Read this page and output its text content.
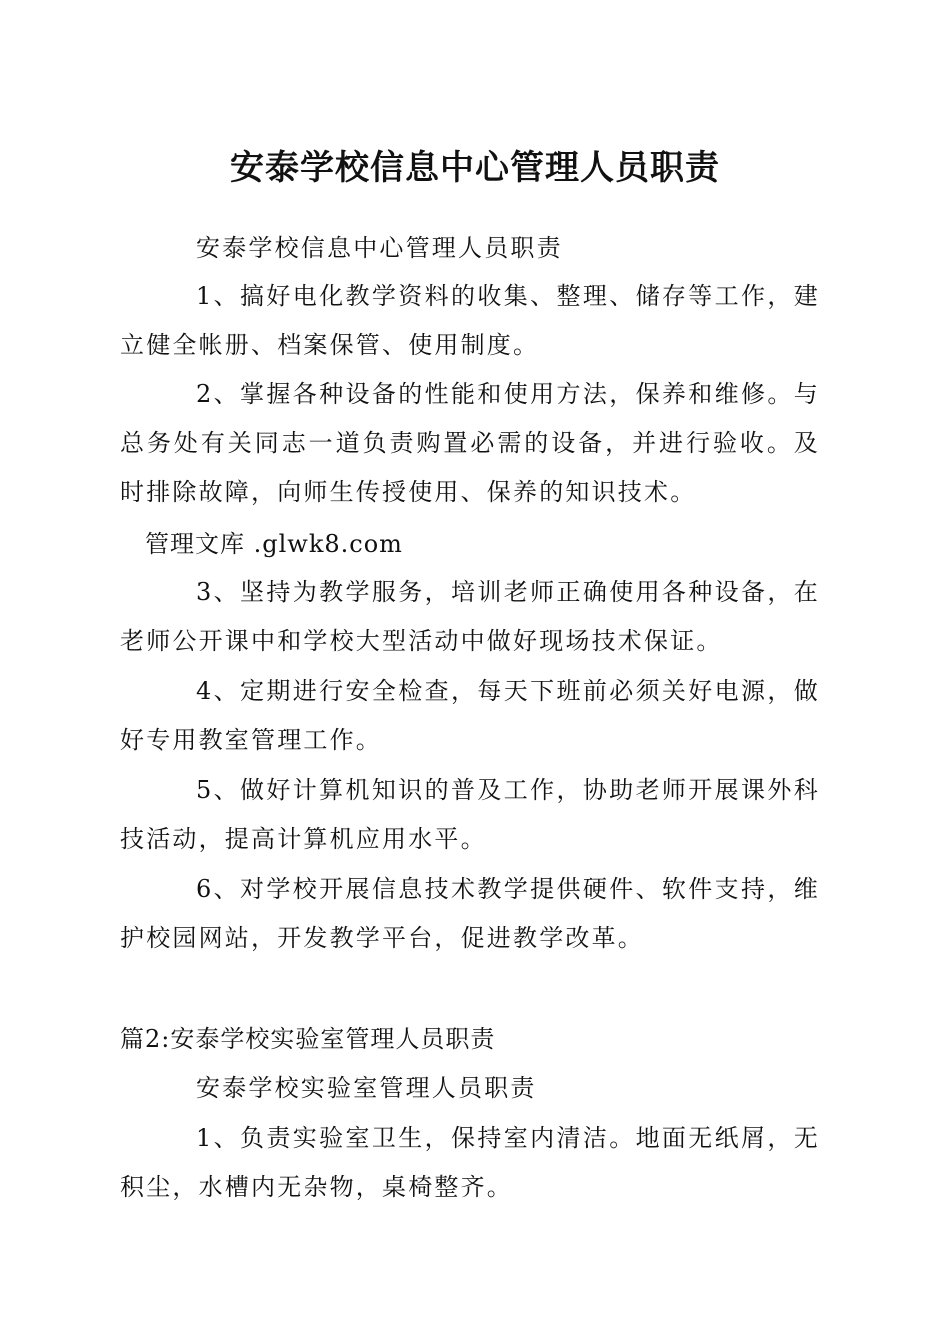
安泰学校信息中心管理人员职责

安泰学校信息中心管理人员职责

1、搞好电化教学资料的收集、整理、储存等工作，建立健全帐册、档案保管、使用制度。

2、掌握各种设备的性能和使用方法，保养和维修。与总务处有关同志一道负责购置必需的设备，并进行验收。及时排除故障，向师生传授使用、保养的知识技术。

管理文库 .glwk8.com

3、坚持为教学服务，培训老师正确使用各种设备，在老师公开课中和学校大型活动中做好现场技术保证。

4、定期进行安全检查，每天下班前必须关好电源，做好专用教室管理工作。

5、做好计算机知识的普及工作，协助老师开展课外科技活动，提高计算机应用水平。

6、对学校开展信息技术教学提供硬件、软件支持，维护校园网站，开发教学平台，促进教学改革。

篇2:安泰学校实验室管理人员职责

安泰学校实验室管理人员职责

1、负责实验室卫生，保持室内清洁。地面无纸屑，无积尘，水槽内无杂物，桌椅整齐。
